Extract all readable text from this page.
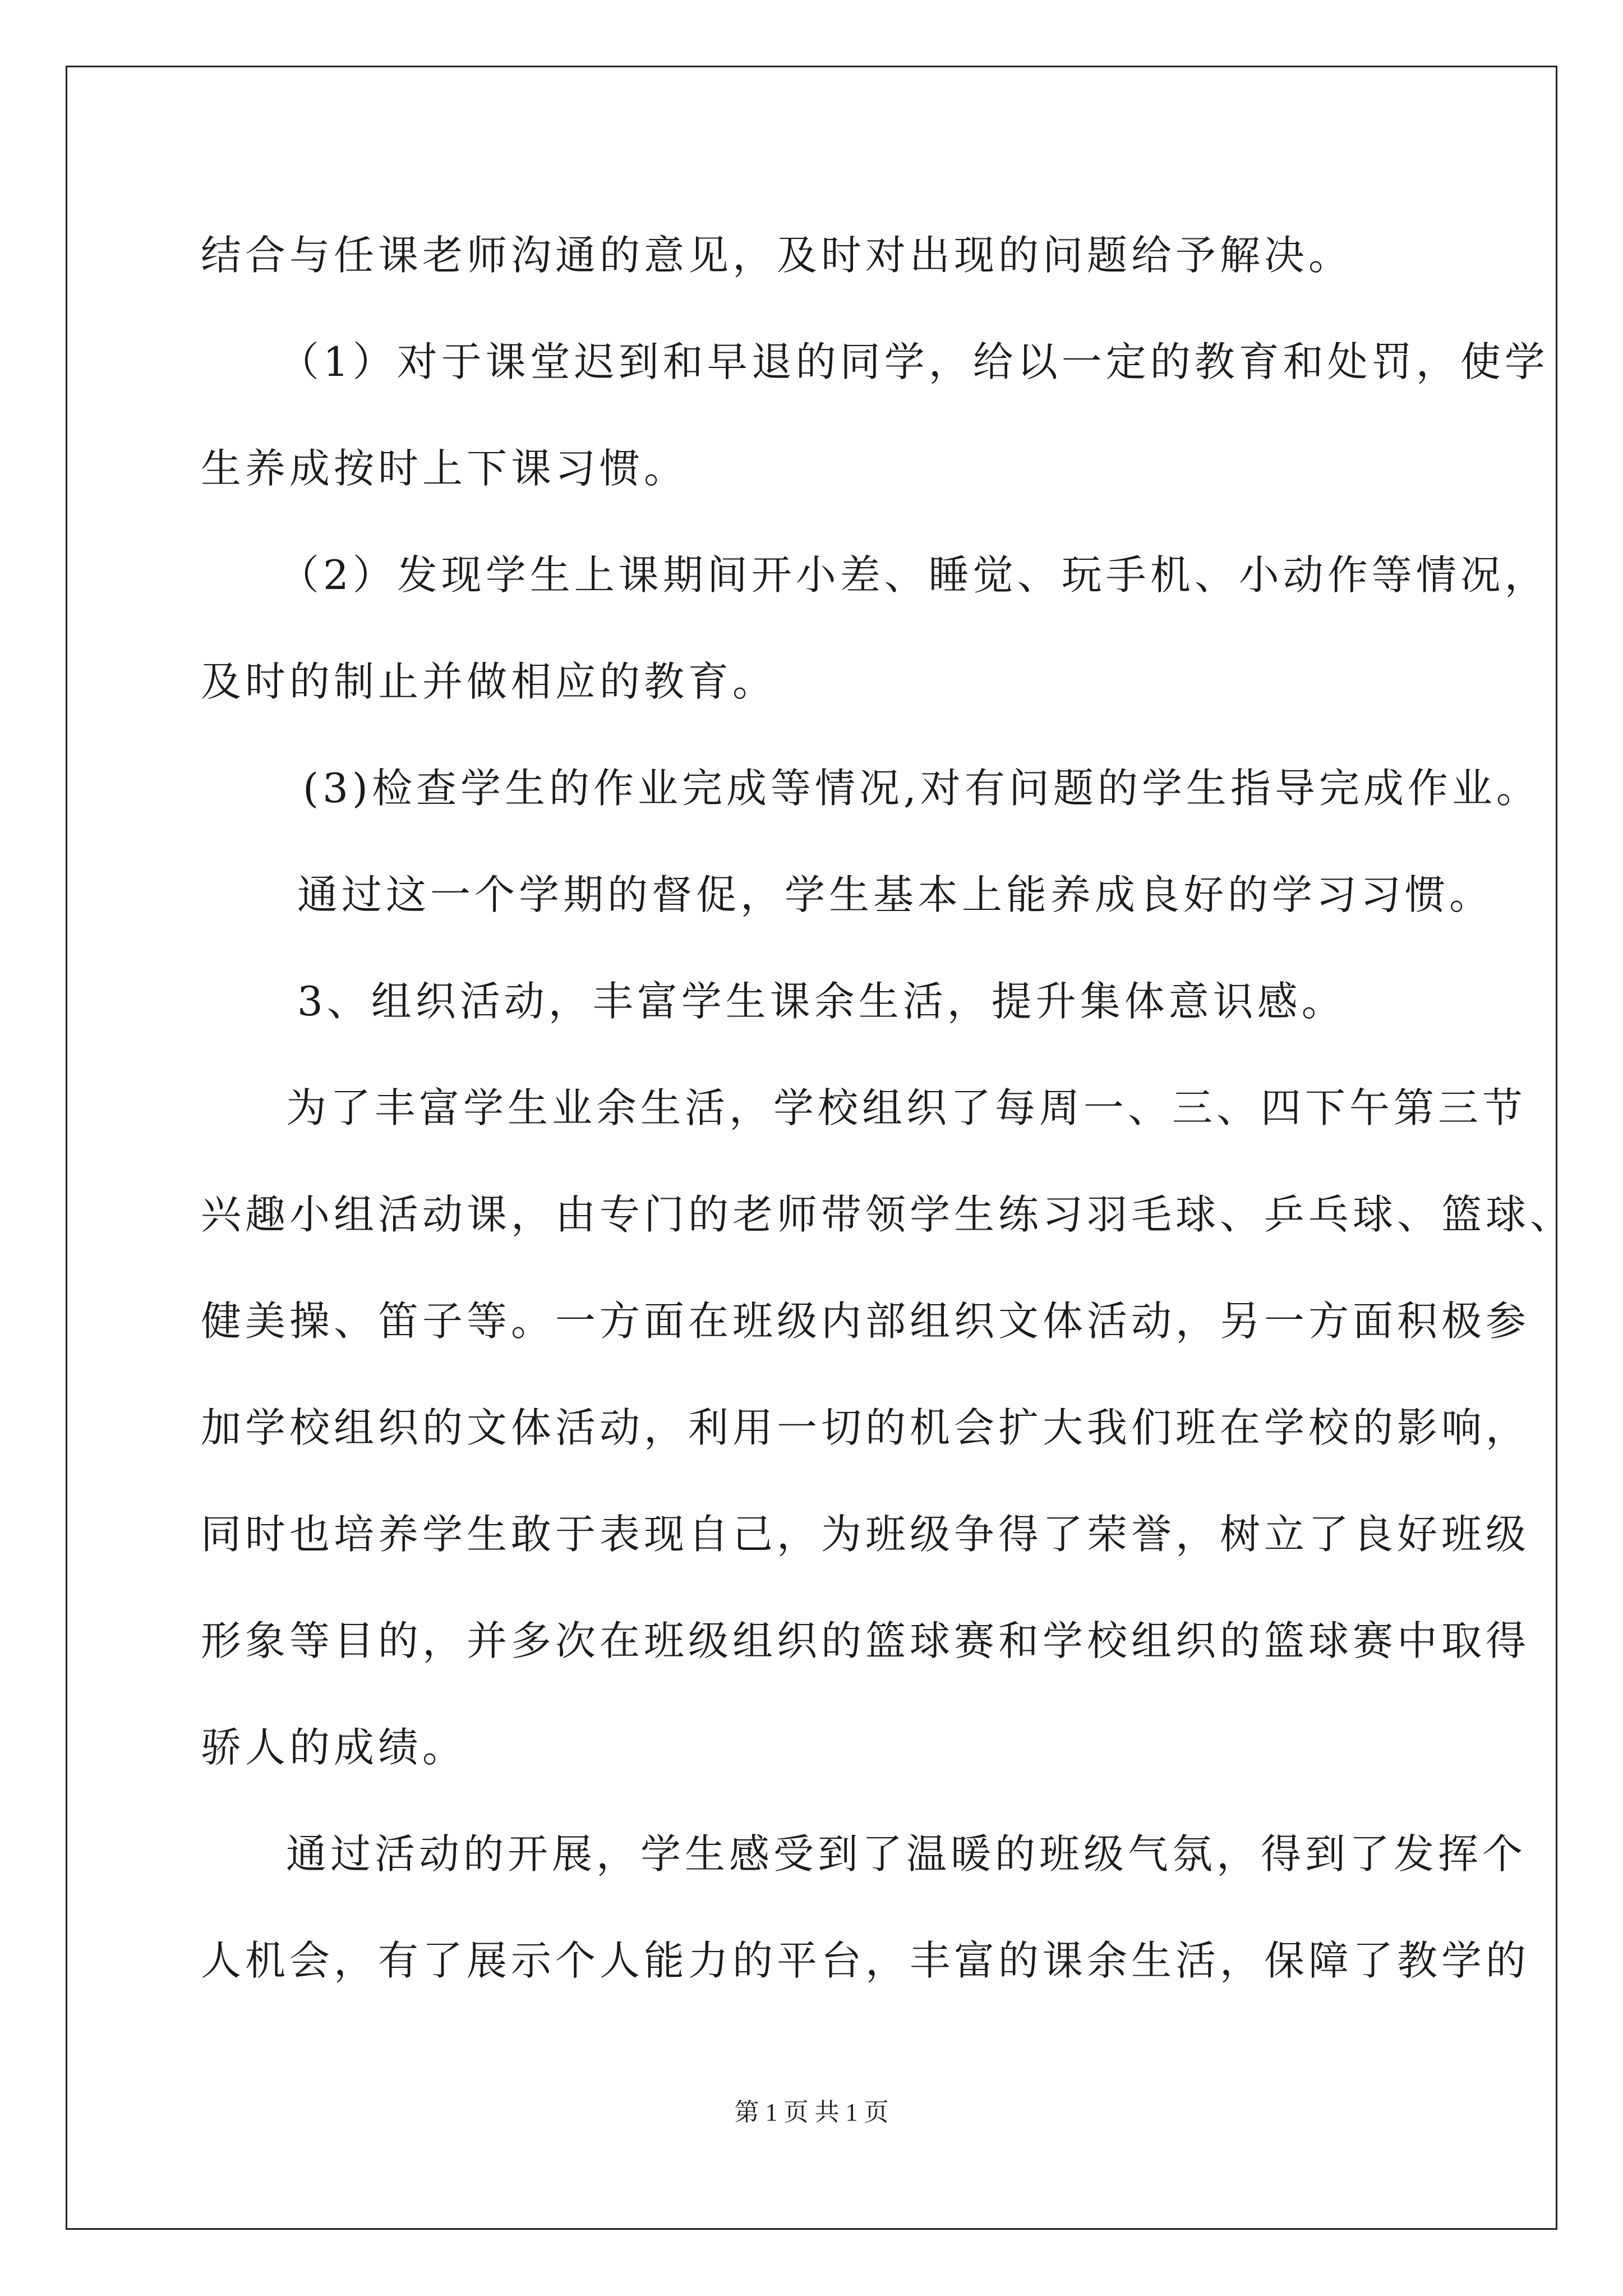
结合与任课老师沟通的意见，及时对出现的问题给予解决。
（1）对于课堂迟到和早退的同学，给以一定的教育和处罚，使学
生养成按时上下课习惯。
（2）发现学生上课期间开小差、睡觉、玩手机、小动作等情况，
及时的制止并做相应的教育。
(3)检查学生的作业完成等情况,对有问题的学生指导完成作业。
通过这一个学期的督促，学生基本上能养成良好的学习习惯。
3、组织活动，丰富学生课余生活，提升集体意识感。
为了丰富学生业余生活，学校组织了每周一、三、四下午第三节
兴趣小组活动课，由专门的老师带领学生练习羽毛球、乒乓球、篮球、
健美操、笛子等。一方面在班级内部组织文体活动，另一方面积极参
加学校组织的文体活动，利用一切的机会扩大我们班在学校的影响，
同时也培养学生敢于表现自己，为班级争得了荣誉，树立了良好班级
形象等目的，并多次在班级组织的篮球赛和学校组织的篮球赛中取得
骄人的成绩。
通过活动的开展，学生感受到了温暖的班级气氛，得到了发挥个
人机会，有了展示个人能力的平台，丰富的课余生活，保障了教学的
第 1 页 共 1 页
